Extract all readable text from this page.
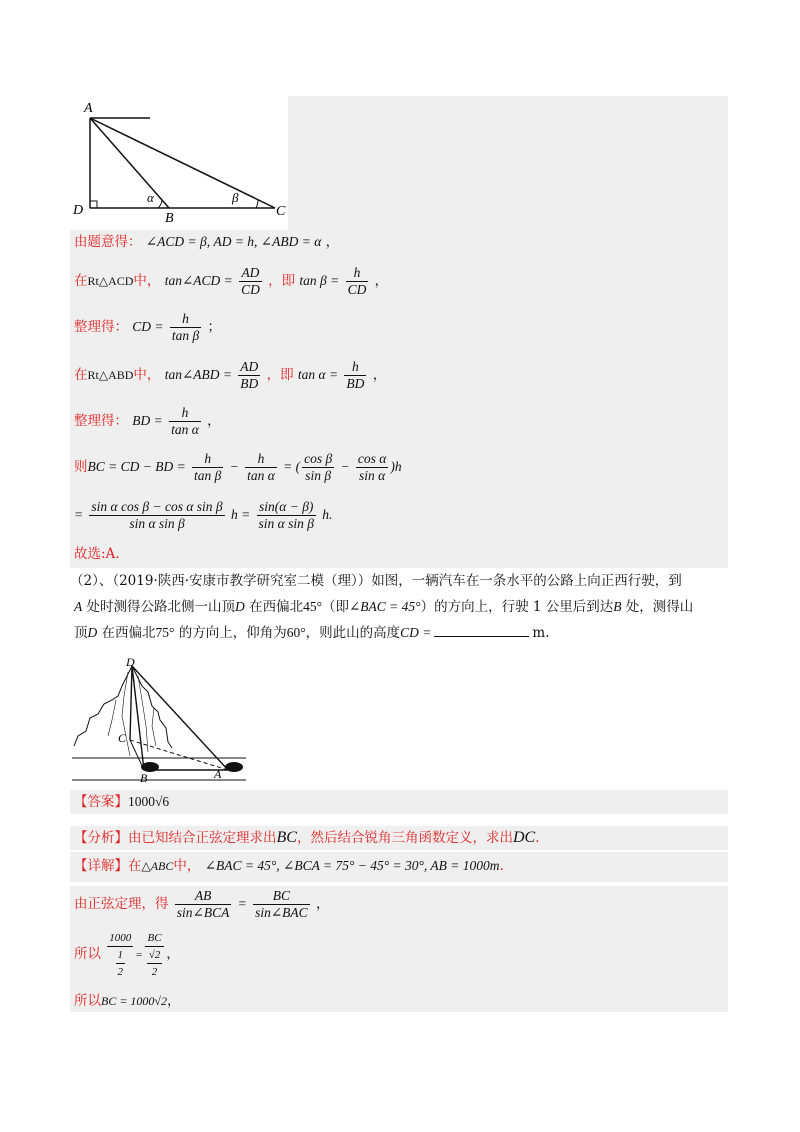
A
D
B	C
α	β
由题意得： ∠ACD = β, AD = h, ∠ABD = α ，
在Rt△ACD中， tan∠ACD = $\frac{AD}{CD}$ ，即 $\tan \beta = \frac{h}{CD}$ ，
整理得： CD = $\frac{h}{\text{tan β}}$ ；
在Rt△ABD中， tan∠ABD = $\frac{AD}{BD}$ ，即 $\tan \alpha = \frac{h}{BD}$ ，
整理得： BD = $\frac{h}{\text{tan α}}$ ，
则BC = CD − BD = $\frac{h}{\text{tan β}} - \frac{h}{\text{tan α}}$ = ( $\frac{\text{cos β}}{\text{sin β}} - \frac{\text{cos α}}{\text{sin α}} )h$
= $\frac{\text{sin α cos β − cos α sin β}}{\text{sin α sin β}}$ $h = \frac{\sin(\alpha - \beta)}{\text{sin α sin β}} h$.
故选:A.
（2）、（2019·陕西·安康市教学研究室二模（理））如图，一辆汽车在一条水平的公路上向正西行驶，到
A 处时测得公路北侧一山顶D 在西偏北45°（即∠BAC = 45°）的方向上，行驶 1 公里后到达B 处，测得山
顶D 在西偏北75° 的方向上，仰角为60°，则此山的高度CD =	m.
D
C
B	A
【答案】1000√6
【分析】由已知结合正弦定理求出BC，然后结合锐角三角函数定义，求出DC.
【详解】在△ABC中， ∠BAC = 45°, ∠BCA = 75° − 45° = 30°, AB = 1000m.
由正弦定理，得 $\frac{AB}{\text{sin∠BCA}} = \frac{BC}{\text{sin∠BAC}}$ ，
所以 $\frac{1000}{\frac{1}{2}} = \frac{BC}{\frac{√2}{2}}$ ，
所以BC = 1000√2，
